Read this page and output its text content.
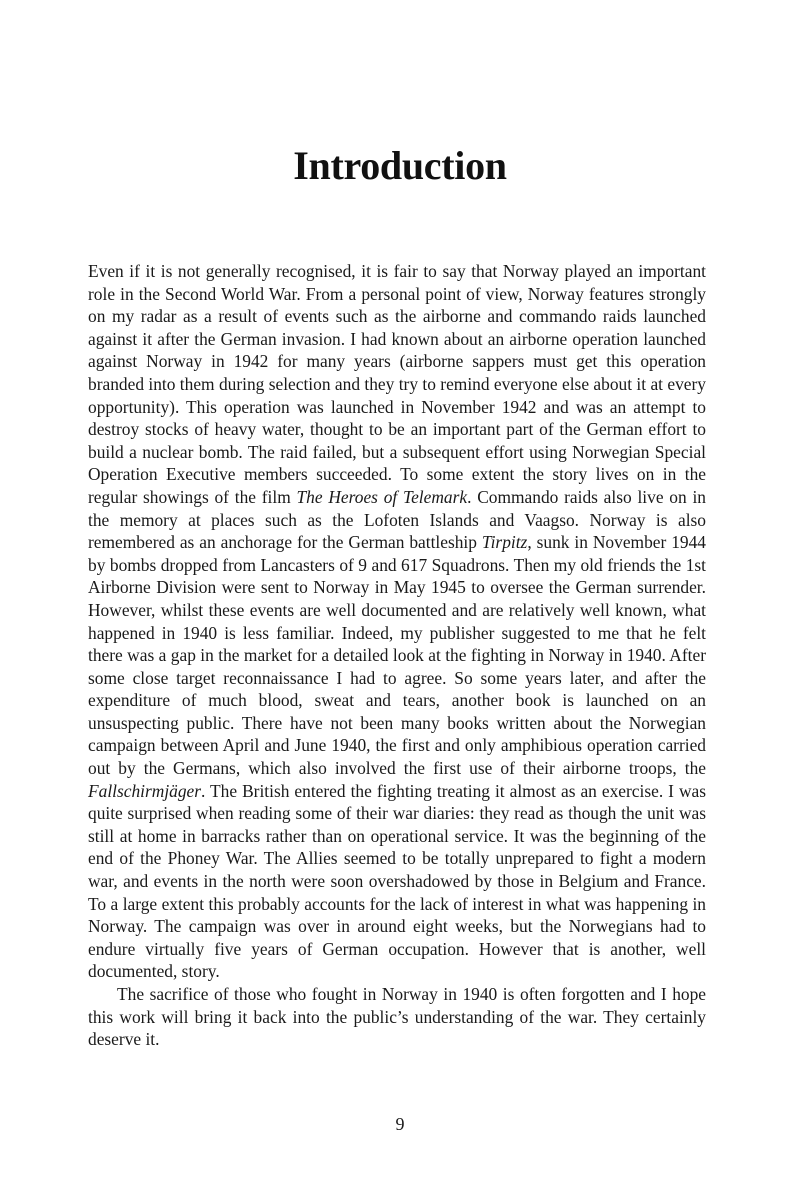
Introduction

Even if it is not generally recognised, it is fair to say that Norway played an important role in the Second World War. From a personal point of view, Norway features strongly on my radar as a result of events such as the airborne and commando raids launched against it after the German invasion. I had known about an airborne operation launched against Norway in 1942 for many years (airborne sappers must get this operation branded into them during selection and they try to remind everyone else about it at every opportunity). This operation was launched in November 1942 and was an attempt to destroy stocks of heavy water, thought to be an important part of the German effort to build a nuclear bomb. The raid failed, but a subsequent effort using Norwegian Special Operation Executive members succeeded. To some extent the story lives on in the regular showings of the film The Heroes of Telemark. Commando raids also live on in the memory at places such as the Lofoten Islands and Vaagso. Norway is also remembered as an anchorage for the German battleship Tirpitz, sunk in November 1944 by bombs dropped from Lancasters of 9 and 617 Squadrons. Then my old friends the 1st Airborne Division were sent to Norway in May 1945 to oversee the German surrender. However, whilst these events are well documented and are relatively well known, what happened in 1940 is less familiar. Indeed, my publisher suggested to me that he felt there was a gap in the market for a detailed look at the fighting in Norway in 1940. After some close target reconnaissance I had to agree. So some years later, and after the expenditure of much blood, sweat and tears, another book is launched on an unsuspecting public. There have not been many books written about the Norwegian campaign between April and June 1940, the first and only amphibious operation carried out by the Germans, which also involved the first use of their airborne troops, the Fallschirmjäger. The British entered the fighting treating it almost as an exercise. I was quite surprised when reading some of their war diaries: they read as though the unit was still at home in barracks rather than on operational service. It was the beginning of the end of the Phoney War. The Allies seemed to be totally unprepared to fight a modern war, and events in the north were soon overshadowed by those in Belgium and France. To a large extent this probably accounts for the lack of interest in what was happening in Norway. The campaign was over in around eight weeks, but the Norwegians had to endure virtually five years of German occupation. However that is another, well documented, story.

The sacrifice of those who fought in Norway in 1940 is often forgotten and I hope this work will bring it back into the public’s understanding of the war. They certainly deserve it.

9
